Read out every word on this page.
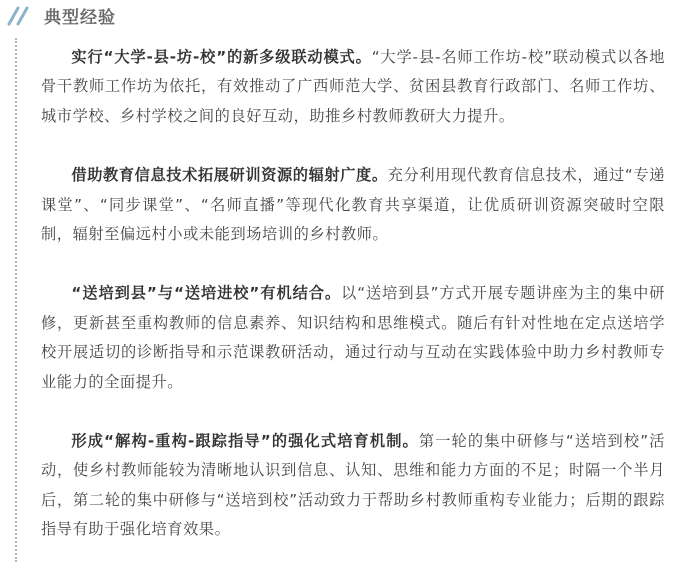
典型经验

实行“大学-县-坊-校”的新多级联动模式。“大学-县-名师工作坊-校”联动模式以各地骨干教师工作坊为依托，有效推动了广西师范大学、贫困县教育行政部门、名师工作坊、城市学校、乡村学校之间的良好互动，助推乡村教师教研大力提升。

借助教育信息技术拓展研训资源的辐射广度。充分利用现代教育信息技术，通过“专递课堂”、“同步课堂”、“名师直播”等现代化教育共享渠道，让优质研训资源突破时空限制，辐射至偏远村小或未能到场培训的乡村教师。

“送培到县”与“送培进校”有机结合。以“送培到县”方式开展专题讲座为主的集中研修，更新甚至重构教师的信息素养、知识结构和思维模式。随后有针对性地在定点送培学校开展适切的诊断指导和示范课教研活动，通过行动与互动在实践体验中助力乡村教师专业能力的全面提升。

形成“解构-重构-跟踪指导”的强化式培育机制。第一轮的集中研修与“送培到校”活动，使乡村教师能较为清晰地认识到信息、认知、思维和能力方面的不足；时隔一个半月后，第二轮的集中研修与“送培到校”活动致力于帮助乡村教师重构专业能力；后期的跟踪指导有助于强化培育效果。
